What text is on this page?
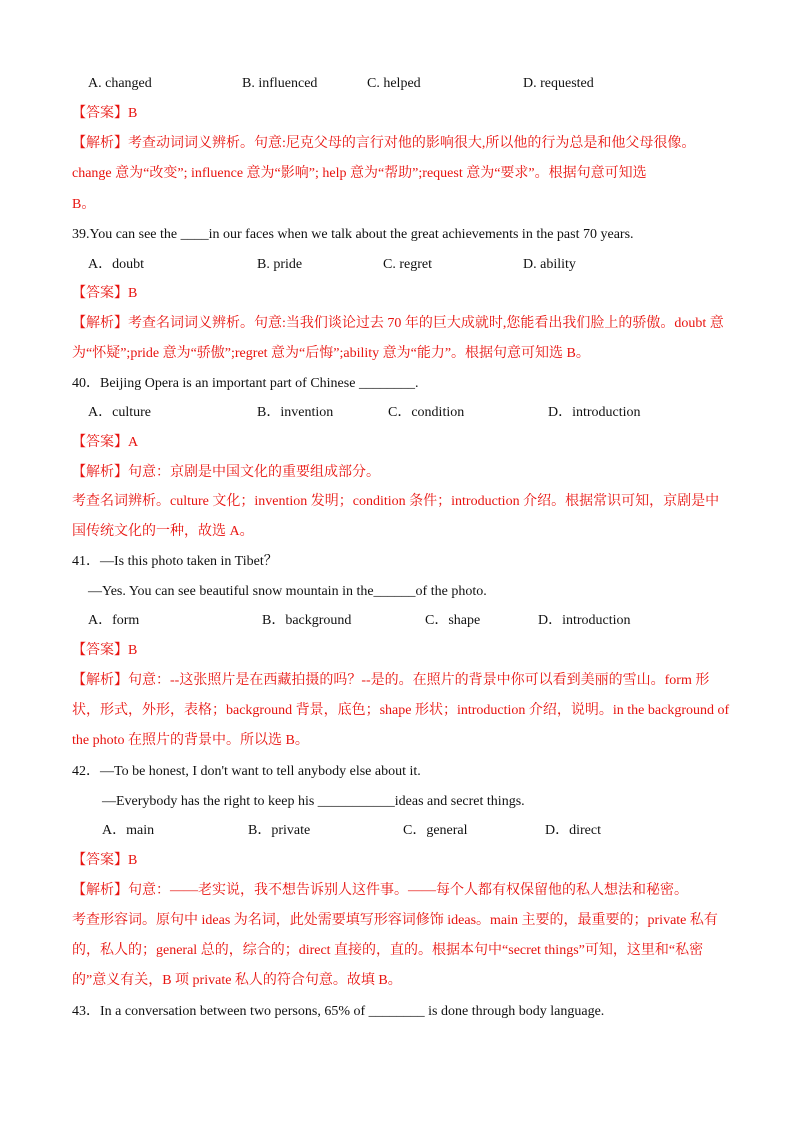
A. changed	B. influenced	C. helped	D. requested
【答案】B
【解析】考查动词词义辨析。句意:尼克父母的言行对他的影响很大,所以他的行为总是和他父母很像。
change 意为“改变”; influence 意为“影响”; help 意为“帮助”;request 意为“要求”。根据句意可知选
B。
39.You can see the ____in our faces when we talk about the great achievements in the past 70 years.
A．doubt	B. pride	C. regret	D. ability
【答案】B
【解析】考查名词词义辨析。句意:当我们谈论过去 70 年的巨大成就时,您能看出我们脸上的骄傲。doubt 意
为“怀疑”;pride 意为“骄傲”;regret 意为“后悔”;ability 意为“能力”。根据句意可知选 B。
40．Beijing Opera is an important part of Chinese ________.
A．culture	B．invention	C．condition	D．introduction
【答案】A
【解析】句意：京剧是中国文化的重要组成部分。
考查名词辨析。culture 文化；invention 发明；condition 条件；introduction 介绍。根据常识可知，京剧是中
国传统文化的一种，故选 A。
41．—Is this photo taken in Tibet？
—Yes. You can see beautiful snow mountain in the______of the photo.
A．form	B．background	C．shape	D．introduction
【答案】B
【解析】句意：--这张照片是在西藏拍摄的吗？--是的。在照片的背景中你可以看到美丽的雪山。form 形
状，形式，外形，表格；background 背景，底色；shape 形状；introduction 介绍，说明。in the background of
the photo 在照片的背景中。所以选 B。
42．—To be honest, I don't want to tell anybody else about it.
—Everybody has the right to keep his ___________ideas and secret things.
A．main	B．private	C．general	D．direct
【答案】B
【解析】句意：——老实说，我不想告诉别人这件事。——每个人都有权保留他的私人想法和秘密。
考查形容词。原句中 ideas 为名词，此处需要填写形容词修饰 ideas。main 主要的，最重要的；private 私有
的，私人的；general 总的，综合的；direct 直接的，直的。根据本句中“secret things”可知，这里和“私密
的”意义有关，B 项 private 私人的符合句意。故填 B。
43．In a conversation between two persons, 65% of ________ is done through body language.
